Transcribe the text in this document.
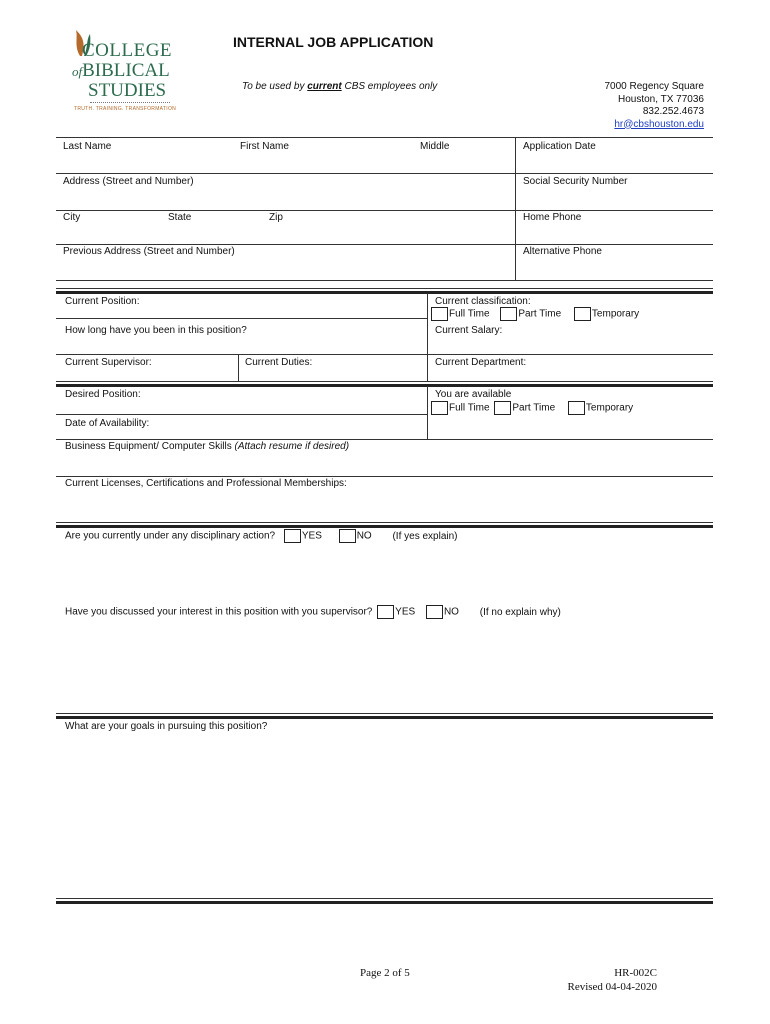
COLLEGE
ofBIBLICAL
STUDIES
TRUTH. TRAINING. TRANSFORMATION
INTERNAL JOB APPLICATION
To be used by current CBS employees only	7000 Regency Square
Houston, TX 77036
832.252.4673
hr@cbshouston.edu
Last Name	First Name	Middle	Application Date
Address (Street and Number)	Social Security Number
City	State	Zip	Home Phone
Previous Address (Street and Number)	Alternative Phone
Current Position:	Current classification:
Full Time	Part Time	Temporary
How long have you been in this position?	Current Salary:
Current Supervisor:	Current Duties:	Current Department:
Desired Position:	You are available
Full Time Part Time	Temporary
Date of Availability:
Business Equipment/ Computer Skills (Attach resume if desired)
Current Licenses, Certifications and Professional Memberships:
Are you currently under any disciplinary action?	YES	NO (If yes explain)
Have you discussed your interest in this position with you supervisor? YES	NO (If no explain why)
What are your goals in pursuing this position?
Page 2 of 5	HR-002C
Revised 04-04-2020
